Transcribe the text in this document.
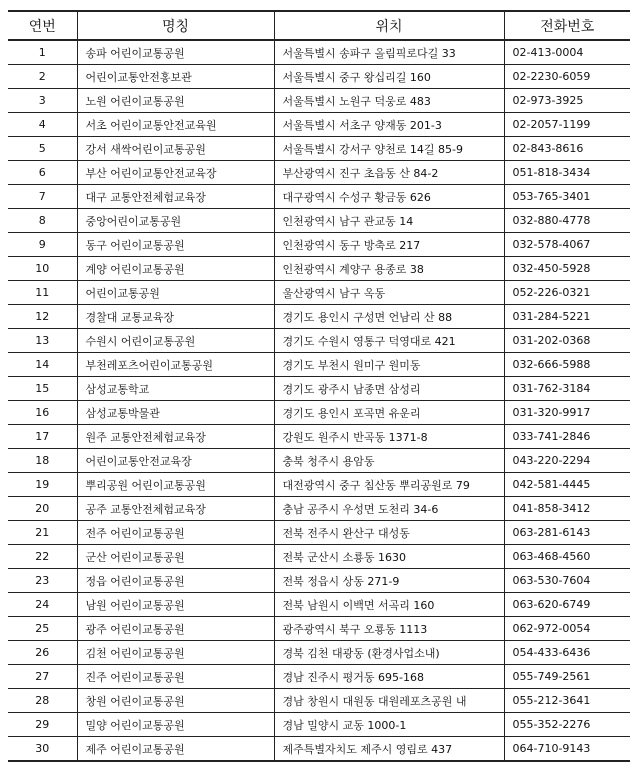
연번	명칭	위치	전화번호
1	송파 어린이교통공원	서울특별시 송파구 올림픽로다길 33	02-413-0004
2	어린이교통안전홍보관	서울특별시 중구 왕십리길 160	02-2230-6059
3	노원 어린이교통공원	서울특별시 노원구 덕웅로 483	02-973-3925
4	서초 어린이교통안전교육원	서울특별시 서초구 양재동 201-3	02-2057-1199
5	강서 새싹어린이교통공원	서울특별시 강서구 양천로 14길 85-9	02-843-8616
6	부산 어린이교통안전교육장	부산광역시 진구 초읍동 산 84-2	051-818-3434
7	대구 교통안전체험교육장	대구광역시 수성구 황금동 626	053-765-3401
8	중앙어린이교통공원	인천광역시 남구 관교동 14	032-880-4778
9	동구 어린이교통공원	인천광역시 동구 방축로 217	032-578-4067
10	계양 어린이교통공원	인천광역시 계양구 용종로 38	032-450-5928
11	어린이교통공원	울산광역시 남구 옥동	052-226-0321
12	경찰대 교통교육장	경기도 용인시 구성면 언남리 산 88	031-284-5221
13	수원시 어린이교통공원	경기도 수원시 영통구 덕영대로 421	031-202-0368
14	부천레포츠어린이교통공원	경기도 부천시 원미구 원미동	032-666-5988
15	삼성교통학교	경기도 광주시 남종면 삼성리	031-762-3184
16	삼성교통박물관	경기도 용인시 포곡면 유운리	031-320-9917
17	원주 교통안전체험교육장	강원도 원주시 반곡동 1371-8	033-741-2846
18	어린이교통안전교육장	충북 청주시 용암동	043-220-2294
19	뿌리공원 어린이교통공원	대전광역시 중구 침산동 뿌리공원로 79	042-581-4445
20	공주 교통안전체험교육장	충남 공주시 우성면 도천리 34-6	041-858-3412
21	전주 어린이교통공원	전북 전주시 완산구 대성동	063-281-6143
22	군산 어린이교통공원	전북 군산시 소룡동 1630	063-468-4560
23	정읍 어린이교통공원	전북 정읍시 상동 271-9	063-530-7604
24	남원 어린이교통공원	전북 남원시 이백면 서곡리 160	063-620-6749
25	광주 어린이교통공원	광주광역시 북구 오룡동 1113	062-972-0054
26	김천 어린이교통공원	경북 김천 대광동 (환경사업소내)	054-433-6436
27	진주 어린이교통공원	경남 진주시 평거동 695-168	055-749-2561
28	창원 어린이교통공원	경남 창원시 대원동 대원레포츠공원 내	055-212-3641
29	밀양 어린이교통공원	경남 밀양시 교동 1000-1	055-352-2276
30	제주 어린이교통공원	제주특별자치도 제주시 영림로 437	064-710-9143
